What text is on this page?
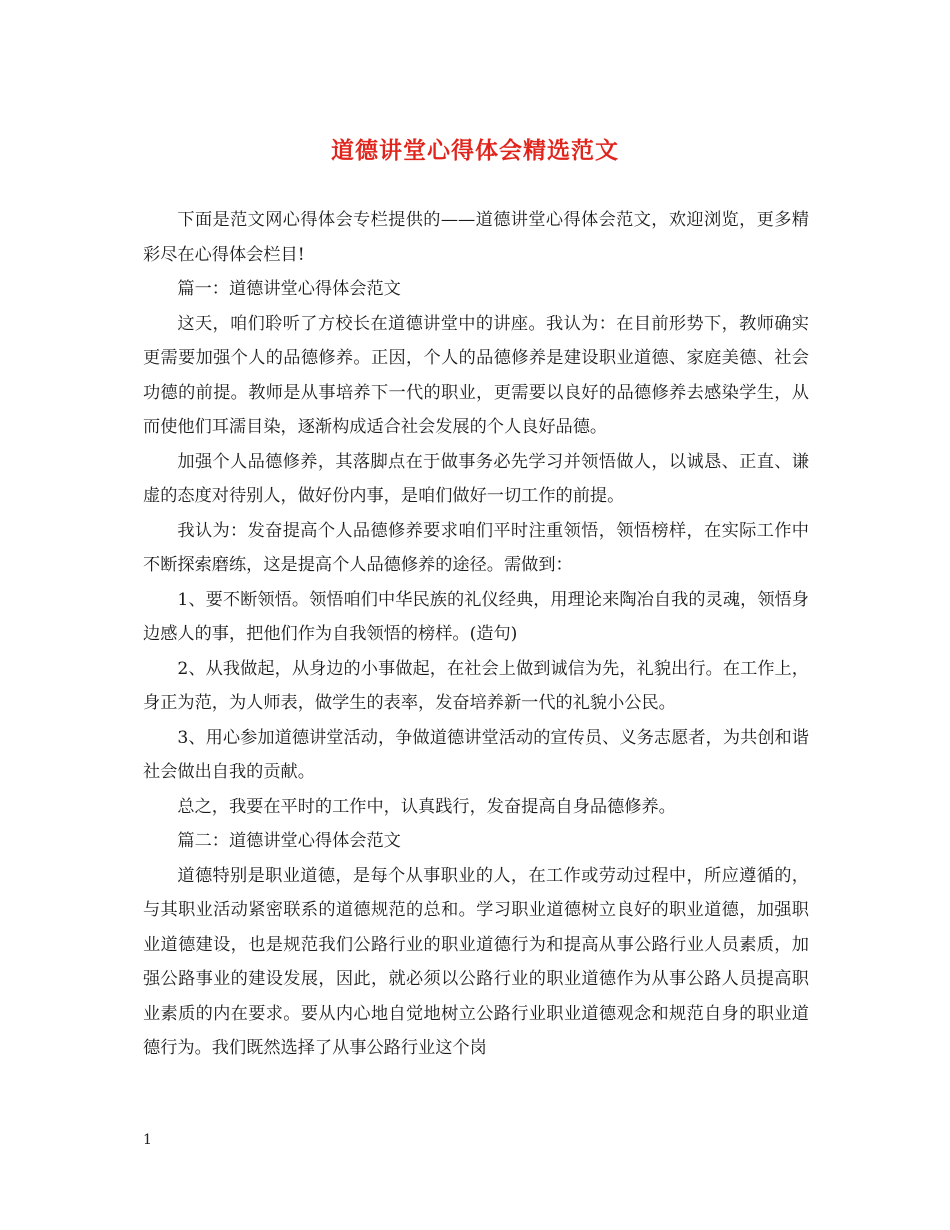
道德讲堂心得体会精选范文

下面是范文网心得体会专栏提供的——道德讲堂心得体会范文，欢迎浏览，更多精彩尽在心得体会栏目!

篇一：道德讲堂心得体会范文

这天，咱们聆听了方校长在道德讲堂中的讲座。我认为：在目前形势下，教师确实更需要加强个人的品德修养。正因，个人的品德修养是建设职业道德、家庭美德、社会功德的前提。教师是从事培养下一代的职业，更需要以良好的品德修养去感染学生，从而使他们耳濡目染，逐渐构成适合社会发展的个人良好品德。

加强个人品德修养，其落脚点在于做事务必先学习并领悟做人，以诚恳、正直、谦虚的态度对待别人，做好份内事，是咱们做好一切工作的前提。

我认为：发奋提高个人品德修养要求咱们平时注重领悟，领悟榜样，在实际工作中不断探索磨练，这是提高个人品德修养的途径。需做到：

1、要不断领悟。领悟咱们中华民族的礼仪经典，用理论来陶冶自我的灵魂，领悟身边感人的事，把他们作为自我领悟的榜样。(造句)

2、从我做起，从身边的小事做起，在社会上做到诚信为先，礼貌出行。在工作上，身正为范，为人师表，做学生的表率，发奋培养新一代的礼貌小公民。

3、用心参加道德讲堂活动，争做道德讲堂活动的宣传员、义务志愿者，为共创和谐社会做出自我的贡献。

总之，我要在平时的工作中，认真践行，发奋提高自身品德修养。

篇二：道德讲堂心得体会范文

道德特别是职业道德，是每个从事职业的人，在工作或劳动过程中，所应遵循的，与其职业活动紧密联系的道德规范的总和。学习职业道德树立良好的职业道德，加强职业道德建设，也是规范我们公路行业的职业道德行为和提高从事公路行业人员素质，加强公路事业的建设发展，因此，就必须以公路行业的职业道德作为从事公路人员提高职业素质的内在要求。要从内心地自觉地树立公路行业职业道德观念和规范自身的职业道德行为。我们既然选择了从事公路行业这个岗

1
